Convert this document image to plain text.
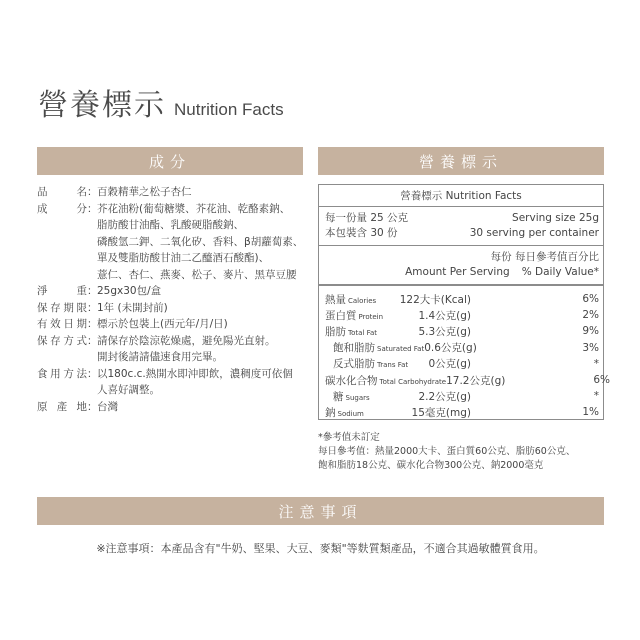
營養標示 Nutrition Facts
成分	營養標示
品名 ： 百穀精華之松子杏仁
成分 ： 芥花油粉(葡萄糖漿、芥花油、乾酪素鈉、
脂肪酸甘油酯、乳酸硬脂酸鈉、
磷酸氫二鉀、二氧化矽、香料、β胡蘿蔔素、
單及雙脂肪酸甘油二乙醯酒石酸酯)、
薏仁、杏仁、燕麥、松子、麥片、黑草豆腰
淨重 ： 25gx30包/盒
保存期限 ： 1年 (未開封前)
有效日期 ： 標示於包裝上(西元年/月/日)
保存方式 ： 請保存於陰涼乾燥處，避免陽光直射。
開封後請請儘速食用完畢。
食用方法 ： 以180c.c.熱開水即沖即飲，濃稠度可依個
人喜好調整。
原產地 ： 台灣
營養標示 Nutrition Facts
每一份量 25 公克	Serving size 25g
本包裝含 30 份	30 serving per container
每份 每日參考值百分比
Amount Per Serving % Daily Value*
熱量 Calories	122大卡(Kcal)	6%
蛋白質 Protein	1.4公克(g)	2%
脂肪 Total Fat	5.3公克(g)	9%
飽和脂肪 Saturated Fat 0.6公克(g)	3%
反式脂肪 Trans Fat	0公克(g)	*
碳水化合物 Total Carbohydrate 17.2公克(g)	6%
糖 Sugars	2.2公克(g)	*
鈉 Sodium	15毫克(mg)	1%
*參考值未訂定
每日參考值：熱量2000大卡、蛋白質60公克、脂肪60公克、
飽和脂肪18公克、碳水化合物300公克、鈉2000毫克
注意事項
※注意事項：本產品含有"牛奶、堅果、大豆、麥類"等麩質類產品，不適合其過敏體質食用。
